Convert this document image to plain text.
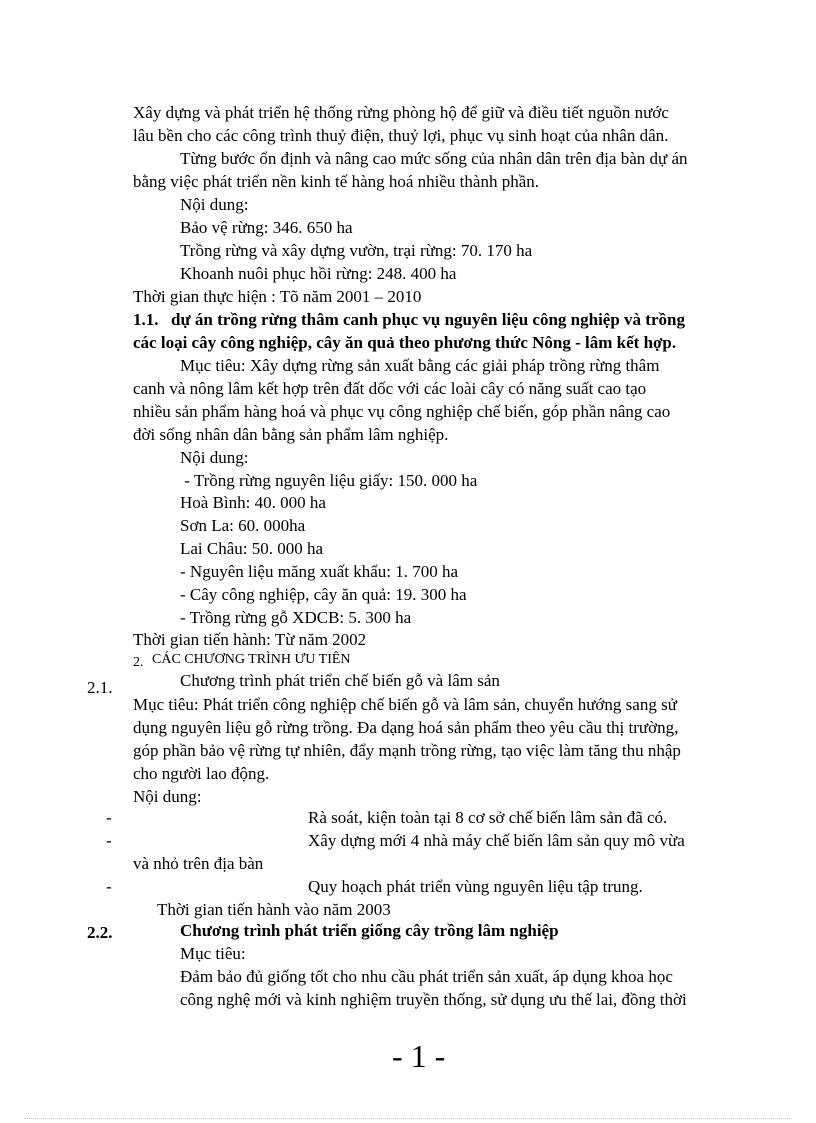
Xây dựng và phát triển hệ thống rừng phòng hộ để giữ và điều tiết nguồn nước
lâu bền cho các công trình thuỷ điện, thuỷ lợi, phục vụ sinh hoạt của nhân dân.
Từng bước ổn định và nâng cao mức sống của nhân dân trên địa bàn dự án
bằng việc phát triển nền kinh tế hàng hoá nhiều thành phần.
Nội dung:
Bảo vệ rừng: 346. 650 ha
Trồng rừng và xây dựng vườn, trại rừng: 70. 170 ha
Khoanh nuôi phục hồi rừng: 248. 400 ha
Thời gian thực hiện : Tõ năm 2001 – 2010
1.1. dự án trồng rừng thâm canh phục vụ nguyên liệu công nghiệp và trồng
các loại cây công nghiệp, cây ăn quả theo phương thức Nông - lâm kết hợp.
Mục tiêu: Xây dựng rừng sản xuất bằng các giải pháp trồng rừng thâm
canh và nông lâm kết hợp trên đất dốc với các loài cây có năng suất cao tạo
nhiều sản phẩm hàng hoá và phục vụ công nghiệp chế biến, góp phần nâng cao
đời sống nhân dân bằng sản phẩm lâm nghiệp.
Nội dung:
- Trồng rừng nguyên liệu giấy: 150. 000 ha
Hoà Bình: 40. 000 ha
Sơn La: 60. 000ha
Lai Châu: 50. 000 ha
- Nguyên liệu măng xuất khẩu: 1. 700 ha
- Cây công nghiệp, cây ăn quả: 19. 300 ha
- Trồng rừng gỗ XDCB: 5. 300 ha
Thời gian tiến hành: Từ năm 2002
2. CÁC CHƯƠNG TRÌNH ƯU TIÊN
Chương trình phát triển chế biến gỗ và lâm sản
2.1.
Mục tiêu: Phát triển công nghiệp chế biến gỗ và lâm sản, chuyển hướng sang sử
dụng nguyên liệu gỗ rừng trồng. Đa dạng hoá sản phẩm theo yêu cầu thị trường,
góp phần bảo vệ rừng tự nhiên, đẩy mạnh trồng rừng, tạo việc làm tăng thu nhập
cho người lao động.
Nội dung:
-	Rà soát, kiện toàn tại 8 cơ sở chế biến lâm sản đã có.
-	Xây dựng mới 4 nhà máy chế biến lâm sản quy mô vừa
và nhỏ trên địa bàn
-	Quy hoạch phát triển vùng nguyên liệu tập trung.
Thời gian tiến hành vào năm 2003
2.2.	Chương trình phát triển giống cây trồng lâm nghiệp
Mục tiêu:
Đảm bảo đủ giống tốt cho nhu cầu phát triển sản xuất, áp dụng khoa học
công nghệ mới và kinh nghiệm truyền thống, sử dụng ưu thế lai, đồng thời
- 1 -
